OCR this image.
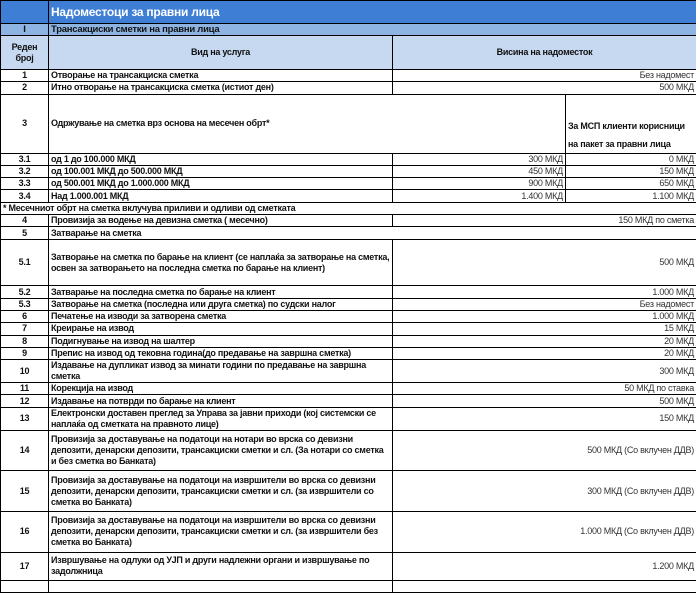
	Надоместоци за правни лица		
I	Трансакциски сметки на правни лица		
Реден број	Вид на услуга	Висина на надоместок	
1	Отворање на трансакциска сметка	Без надомест	
2	Итно отворање на трансакциска сметка (истиот ден)	500 МКД	
3	Одржување на сметка врз основа на месечен обрт*		За МСП клиенти корисници на пакет за правни лица
3.1	од 1 до 100.000 МКД	300 МКД	0 МКД
3.2	од 100.001 МКД до 500.000 МКД	450 МКД	150 МКД
3.3	од 500.001 МКД до 1.000.000 МКД	900 МКД	650 МКД
3.4	Над 1.000.001 МКД	1.400 МКД	1.100 МКД
* Месечниот обрт на сметка вклучува приливи и одливи од сметката			
4	Провизија за водење на девизна сметка ( месечно)	150 МКД по сметка	
5	Затварање на сметка		
5.1	Затворање на сметка по барање на клиент (се наплаќа за затворање на сметка, освен за затворањето на последна сметка по барање на клиент)	500 МКД	
5.2	Затварање на последна сметка по барање на клиент	1.000 МКД	
5.3	Затворање на сметка (последна или друга сметка) по судски налог	Без надомест	
6	Печатење на изводи за затворена сметка	1.000 МКД	
7	Креирање на извод	15 МКД	
8	Подигнување на извод на шалтер	20 МКД	
9	Препис на извод од тековна година(до предавање на завршна сметка)	20 МКД	
10	Издавање на дупликат извод за минати години по предавање на завршна сметка	300 МКД	
11	Корекција на извод	50 МКД по ставка	
12	Издавање на потврди по барање на клиент	500 МКД	
13	Електронски доставен преглед за Управа за јавни приходи (кој системски се наплаќа од сметката на правното лице)	150 МКД	
14	Провизија за доставување на податоци на нотари во врска со девизни депозити, денарски депозити, трансакциски сметки и сл. (За нотари со сметка и без сметка во Банката)	500 МКД (Со вклучен ДДВ)	
15	Провизија за доставување на податоци на извршители во врска со девизни депозити, денарски депозити, трансакциски сметки и сл. (за извршители со сметка во Банката)	300 МКД (Со вклучен ДДВ)	
16	Провизија за доставување на податоци на извршители во врска со девизни депозити, денарски депозити, трансакциски сметки и сл. (за извршители без сметка во Банката)	1.000 МКД (Со вклучен ДДВ)	
17	Извршување на одлуки од УЈП и други надлежни органи и извршување по задолжница	1.200 МКД	
